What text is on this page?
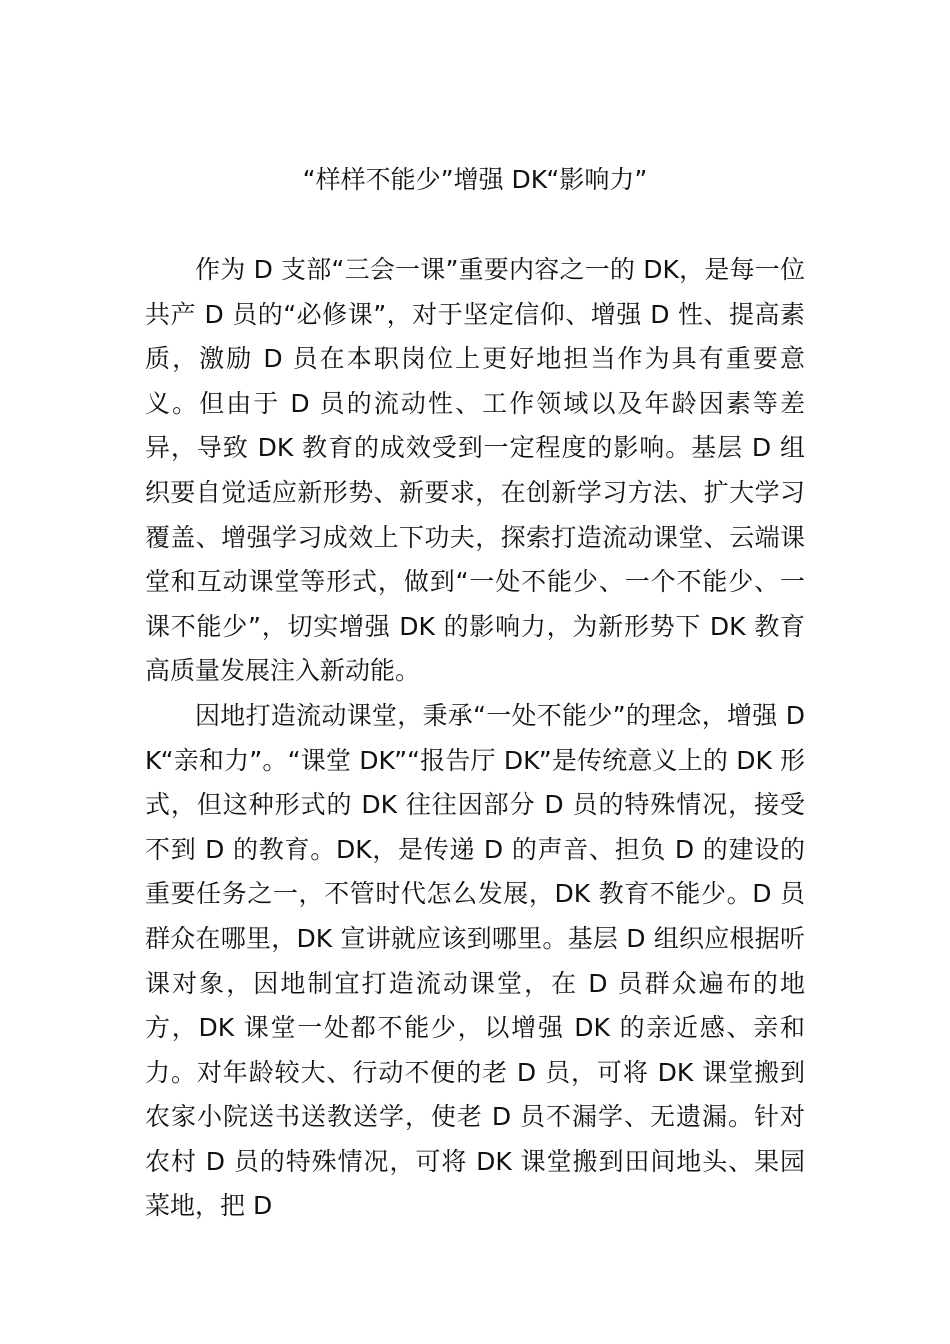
“样样不能少”增强 DK“影响力”

作为 D 支部“三会一课”重要内容之一的 DK，是每一位共产 D 员的“必修课”，对于坚定信仰、增强 D 性、提高素质，激励 D 员在本职岗位上更好地担当作为具有重要意义。但由于 D 员的流动性、工作领域以及年龄因素等差异，导致 DK 教育的成效受到一定程度的影响。基层 D 组织要自觉适应新形势、新要求，在创新学习方法、扩大学习覆盖、增强学习成效上下功夫，探索打造流动课堂、云端课堂和互动课堂等形式，做到“一处不能少、一个不能少、一课不能少”，切实增强 DK 的影响力，为新形势下 DK 教育高质量发展注入新动能。

因地打造流动课堂，秉承“一处不能少”的理念，增强 DK“亲和力”。“课堂 DK”“报告厅 DK”是传统意义上的 DK 形式，但这种形式的 DK 往往因部分 D 员的特殊情况，接受不到 D 的教育。DK，是传递 D 的声音、担负 D 的建设的重要任务之一，不管时代怎么发展，DK 教育不能少。D 员群众在哪里，DK 宣讲就应该到哪里。基层 D 组织应根据听课对象，因地制宜打造流动课堂，在 D 员群众遍布的地方，DK 课堂一处都不能少，以增强 DK 的亲近感、亲和力。对年龄较大、行动不便的老 D 员，可将 DK 课堂搬到农家小院送书送教送学，使老 D 员不漏学、无遗漏。针对农村 D 员的特殊情况，可将 DK 课堂搬到田间地头、果园菜地，把 D
